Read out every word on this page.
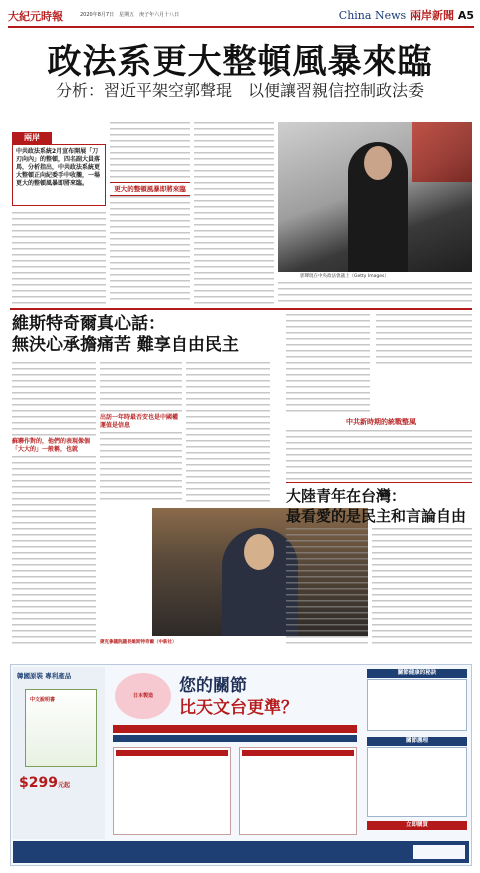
大紀元時報	2020年8月7日　星期五　庚子年六月十八日	China News 兩岸新聞 A5
政法系更大整頓風暴來臨
分析：習近平架空郭聲琨　以便讓習親信控制政法委
兩岸
中共政法系統2月宣布開展「刀刃向內」的整頓，四名副大員落馬，分析指出，中共政法系統更大整頓正向紀委手中收攏，一場更大的整頓風暴即將來臨。
更大的整頓風暴即將來臨
郭聲琨在中央政法會議上（Getty Images）
維斯特奇爾真心話：
無決心承擔痛苦 難享自由民主
蘇聯作對的，他們的表現像個「大大的」一般稱，也就
出訪一年時最否安也是中國權運值是信息
捷克參議院議長維斯特奇爾（中新社）
中共新時期的統戰整風
大陸青年在台灣：
最看愛的是民主和言論自由
韓國原裝 專利產品
中文說明書
$299元起
日本製造	您的關節
比天文台更準？
關節健康的秘訣
關節護理
立即購買
